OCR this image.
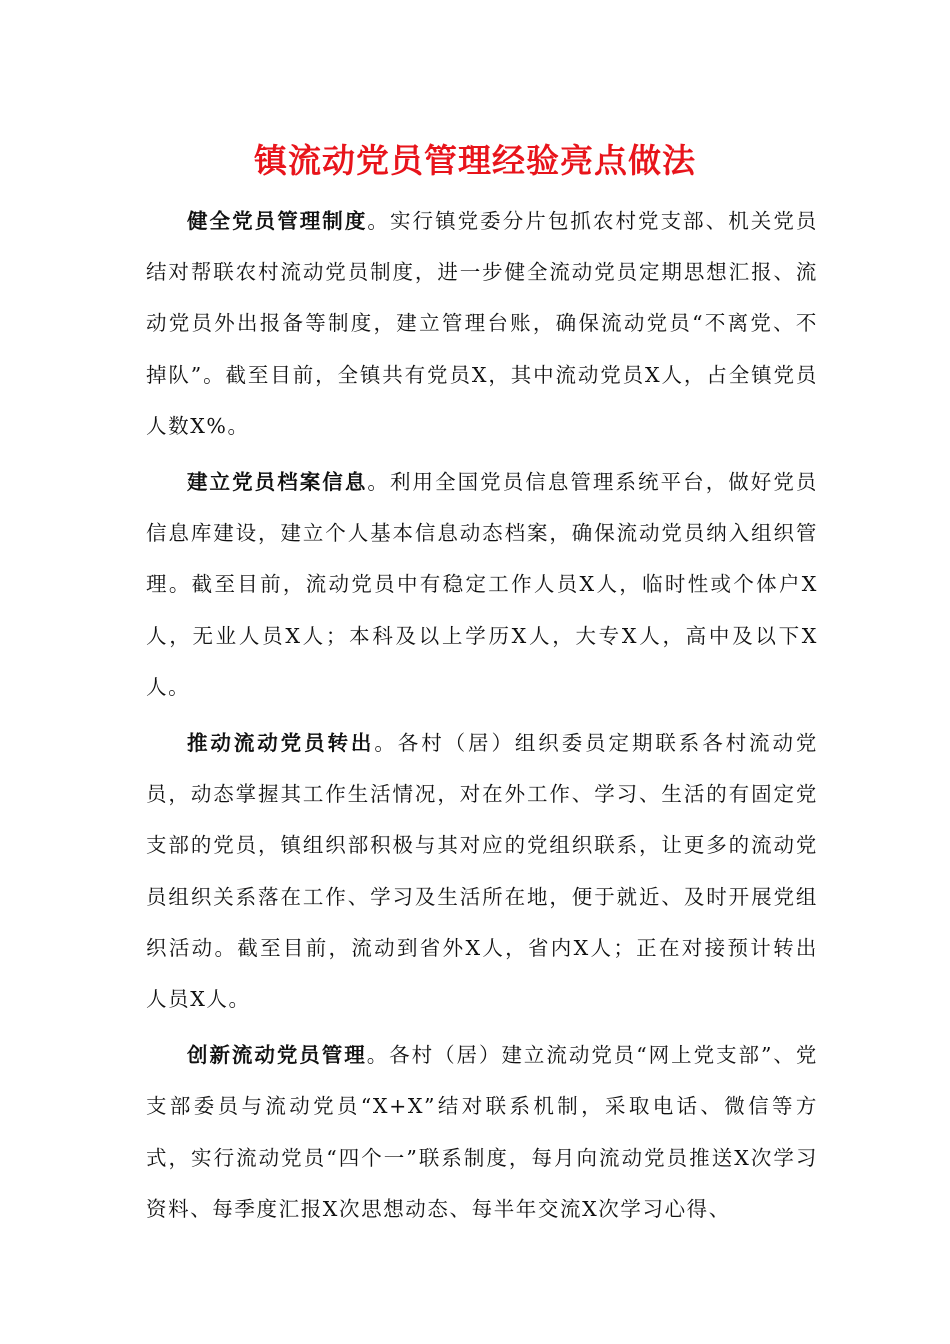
镇流动党员管理经验亮点做法

健全党员管理制度。实行镇党委分片包抓农村党支部、机关党员结对帮联农村流动党员制度，进一步健全流动党员定期思想汇报、流动党员外出报备等制度，建立管理台账，确保流动党员“不离党、不掉队”。截至目前，全镇共有党员X，其中流动党员X人，占全镇党员人数X%。

建立党员档案信息。利用全国党员信息管理系统平台，做好党员信息库建设，建立个人基本信息动态档案，确保流动党员纳入组织管理。截至目前，流动党员中有稳定工作人员X人，临时性或个体户X人，无业人员X人；本科及以上学历X人，大专X人，高中及以下X人。

推动流动党员转出。各村（居）组织委员定期联系各村流动党员，动态掌握其工作生活情况，对在外工作、学习、生活的有固定党支部的党员，镇组织部积极与其对应的党组织联系，让更多的流动党员组织关系落在工作、学习及生活所在地，便于就近、及时开展党组织活动。截至目前，流动到省外X人，省内X人；正在对接预计转出人员X人。

创新流动党员管理。各村（居）建立流动党员“网上党支部”、党支部委员与流动党员“X+X”结对联系机制，采取电话、微信等方式，实行流动党员“四个一”联系制度，每月向流动党员推送X次学习资料、每季度汇报X次思想动态、每半年交流X次学习心得、
